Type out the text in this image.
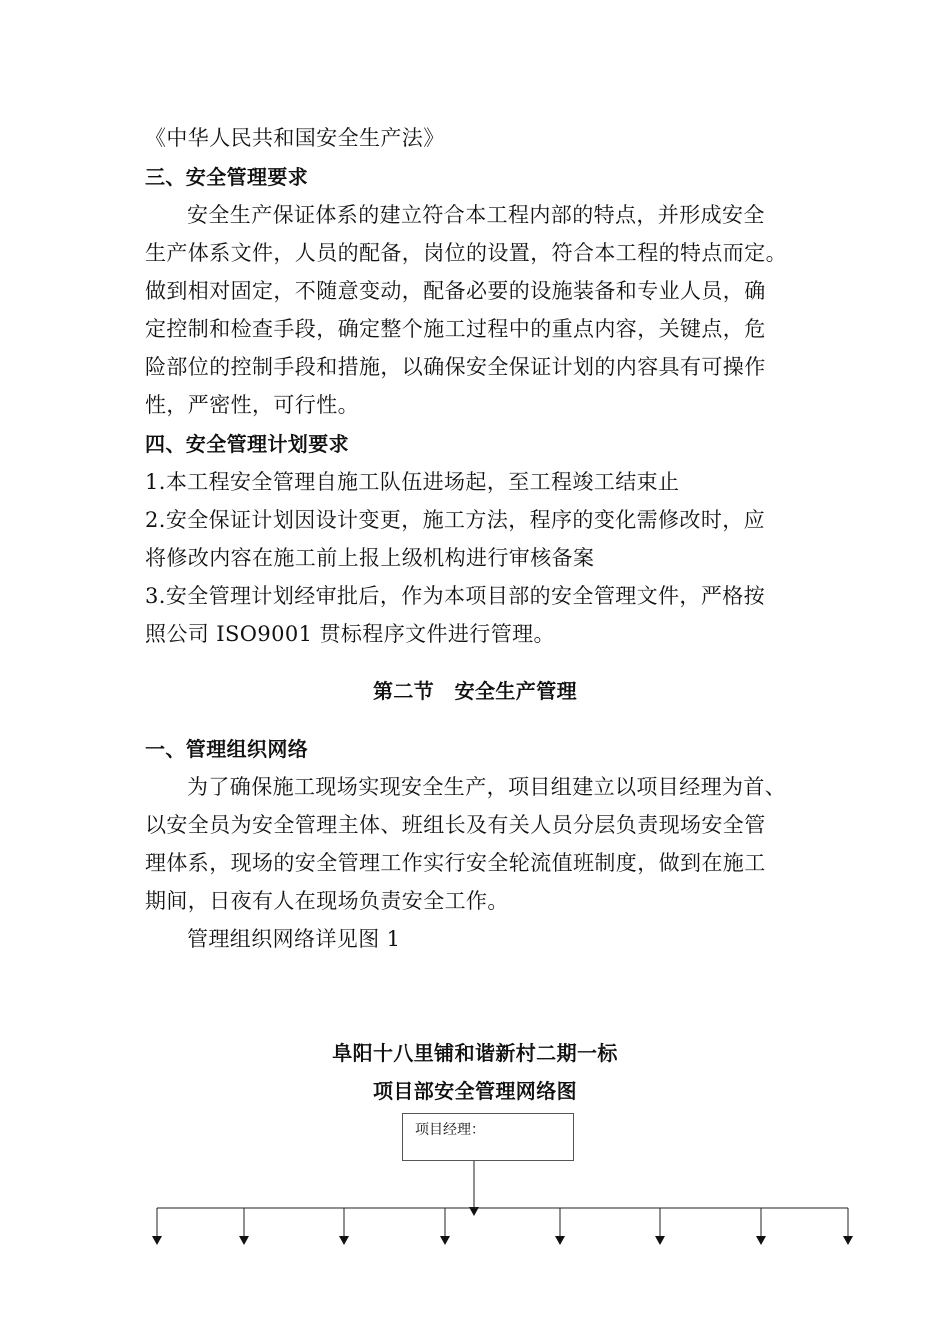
《中华人民共和国安全生产法》
三、安全管理要求
安全生产保证体系的建立符合本工程内部的特点，并形成安全
生产体系文件，人员的配备，岗位的设置，符合本工程的特点而定。
做到相对固定，不随意变动，配备必要的设施装备和专业人员，确
定控制和检查手段，确定整个施工过程中的重点内容，关键点，危
险部位的控制手段和措施，以确保安全保证计划的内容具有可操作
性，严密性，可行性。
四、安全管理计划要求
1.本工程安全管理自施工队伍进场起，至工程竣工结束止
2.安全保证计划因设计变更，施工方法，程序的变化需修改时，应
将修改内容在施工前上报上级机构进行审核备案
3.安全管理计划经审批后，作为本项目部的安全管理文件，严格按
照公司 ISO9001 贯标程序文件进行管理。
第二节　安全生产管理
一、管理组织网络
为了确保施工现场实现安全生产，项目组建立以项目经理为首、
以安全员为安全管理主体、班组长及有关人员分层负责现场安全管
理体系，现场的安全管理工作实行安全轮流值班制度，做到在施工
期间，日夜有人在现场负责安全工作。
管理组织网络详见图 1
阜阳十八里铺和谐新村二期一标
项目部安全管理网络图
项目经理：
